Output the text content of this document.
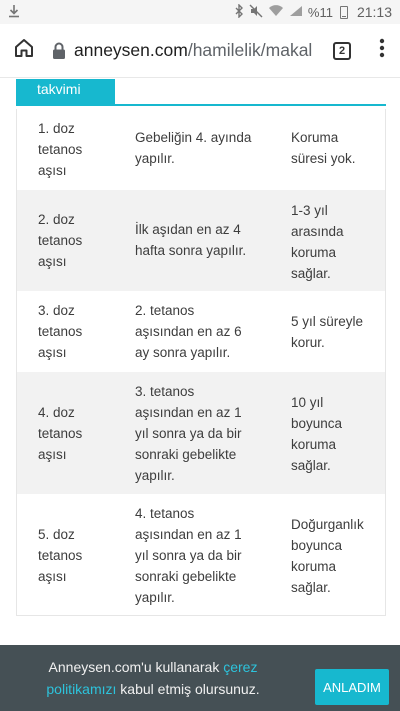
%11 21:13
anneysen.com/hamilelik/makal	2
takvimi
1. doz
tetanos
aşısı
Gebeliğin 4. ayında
yapılır.
Koruma
süresi yok.
2. doz
tetanos
aşısı
İlk aşıdan en az 4
hafta sonra yapılır.
1-3 yıl
arasında
koruma
sağlar.
3. doz
tetanos
aşısı
2. tetanos
aşısından en az 6
ay sonra yapılır.
5 yıl süreyle
korur.
4. doz
tetanos
aşısı
3. tetanos
aşısından en az 1
yıl sonra ya da bir
sonraki gebelikte
yapılır.
10 yıl
boyunca
koruma
sağlar.
5. doz
tetanos
aşısı
4. tetanos
aşısından en az 1
yıl sonra ya da bir
sonraki gebelikte
yapılır.
Doğurganlık
boyunca
koruma
sağlar.
Anneysen.com'u kullanarak çerez
politikamızı kabul etmiş olursunuz.	ANLADIM
